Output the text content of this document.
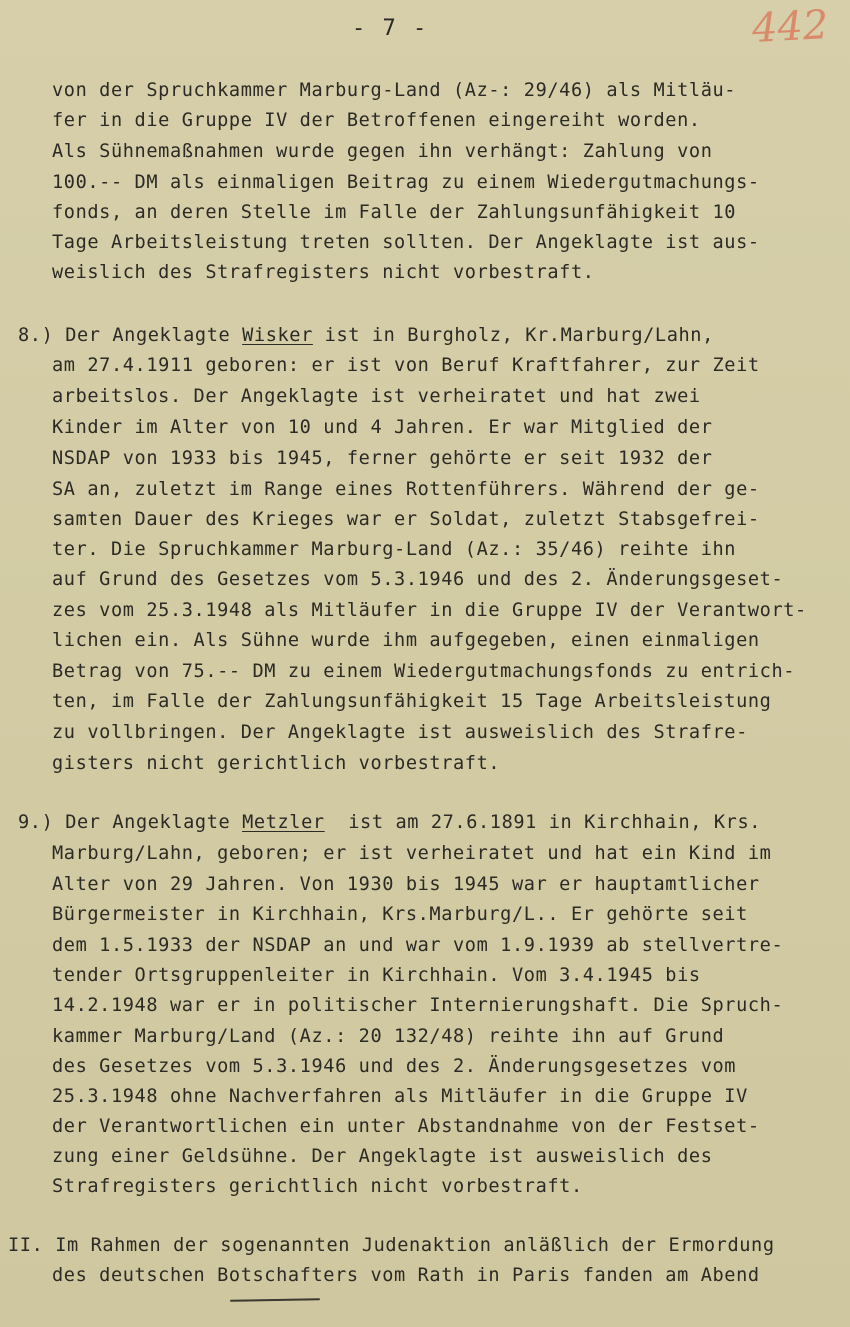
- 7 -	442
von der Spruchkammer Marburg-Land (Az-: 29/46) als Mitläu-
fer in die Gruppe IV der Betroffenen eingereiht worden.
Als Sühnemaßnahmen wurde gegen ihn verhängt: Zahlung von
100.-- DM als einmaligen Beitrag zu einem Wiedergutmachungs-
fonds, an deren Stelle im Falle der Zahlungsunfähigkeit 10
Tage Arbeitsleistung treten sollten. Der Angeklagte ist aus-
weislich des Strafregisters nicht vorbestraft.
8.) Der Angeklagte Wisker ist in Burgholz, Kr.Marburg/Lahn,
am 27.4.1911 geboren: er ist von Beruf Kraftfahrer, zur Zeit
arbeitslos. Der Angeklagte ist verheiratet und hat zwei
Kinder im Alter von 10 und 4 Jahren. Er war Mitglied der
NSDAP von 1933 bis 1945, ferner gehörte er seit 1932 der
SA an, zuletzt im Range eines Rottenführers. Während der ge-
samten Dauer des Krieges war er Soldat, zuletzt Stabsgefrei-
ter. Die Spruchkammer Marburg-Land (Az.: 35/46) reihte ihn
auf Grund des Gesetzes vom 5.3.1946 und des 2. Änderungsgeset-
zes vom 25.3.1948 als Mitläufer in die Gruppe IV der Verantwort-
lichen ein. Als Sühne wurde ihm aufgegeben, einen einmaligen
Betrag von 75.-- DM zu einem Wiedergutmachungsfonds zu entrich-
ten, im Falle der Zahlungsunfähigkeit 15 Tage Arbeitsleistung
zu vollbringen. Der Angeklagte ist ausweislich des Strafre-
gisters nicht gerichtlich vorbestraft.
9.) Der Angeklagte Metzler  ist am 27.6.1891 in Kirchhain, Krs.
Marburg/Lahn, geboren; er ist verheiratet und hat ein Kind im
Alter von 29 Jahren. Von 1930 bis 1945 war er hauptamtlicher
Bürgermeister in Kirchhain, Krs.Marburg/L.. Er gehörte seit
dem 1.5.1933 der NSDAP an und war vom 1.9.1939 ab stellvertre-
tender Ortsgruppenleiter in Kirchhain. Vom 3.4.1945 bis
14.2.1948 war er in politischer Internierungshaft. Die Spruch-
kammer Marburg/Land (Az.: 20 132/48) reihte ihn auf Grund
des Gesetzes vom 5.3.1946 und des 2. Änderungsgesetzes vom
25.3.1948 ohne Nachverfahren als Mitläufer in die Gruppe IV
der Verantwortlichen ein unter Abstandnahme von der Festset-
zung einer Geldsühne. Der Angeklagte ist ausweislich des
Strafregisters gerichtlich nicht vorbestraft.
II. Im Rahmen der sogenannten Judenaktion anläßlich der Ermordung
des deutschen Botschafters vom Rath in Paris fanden am Abend
